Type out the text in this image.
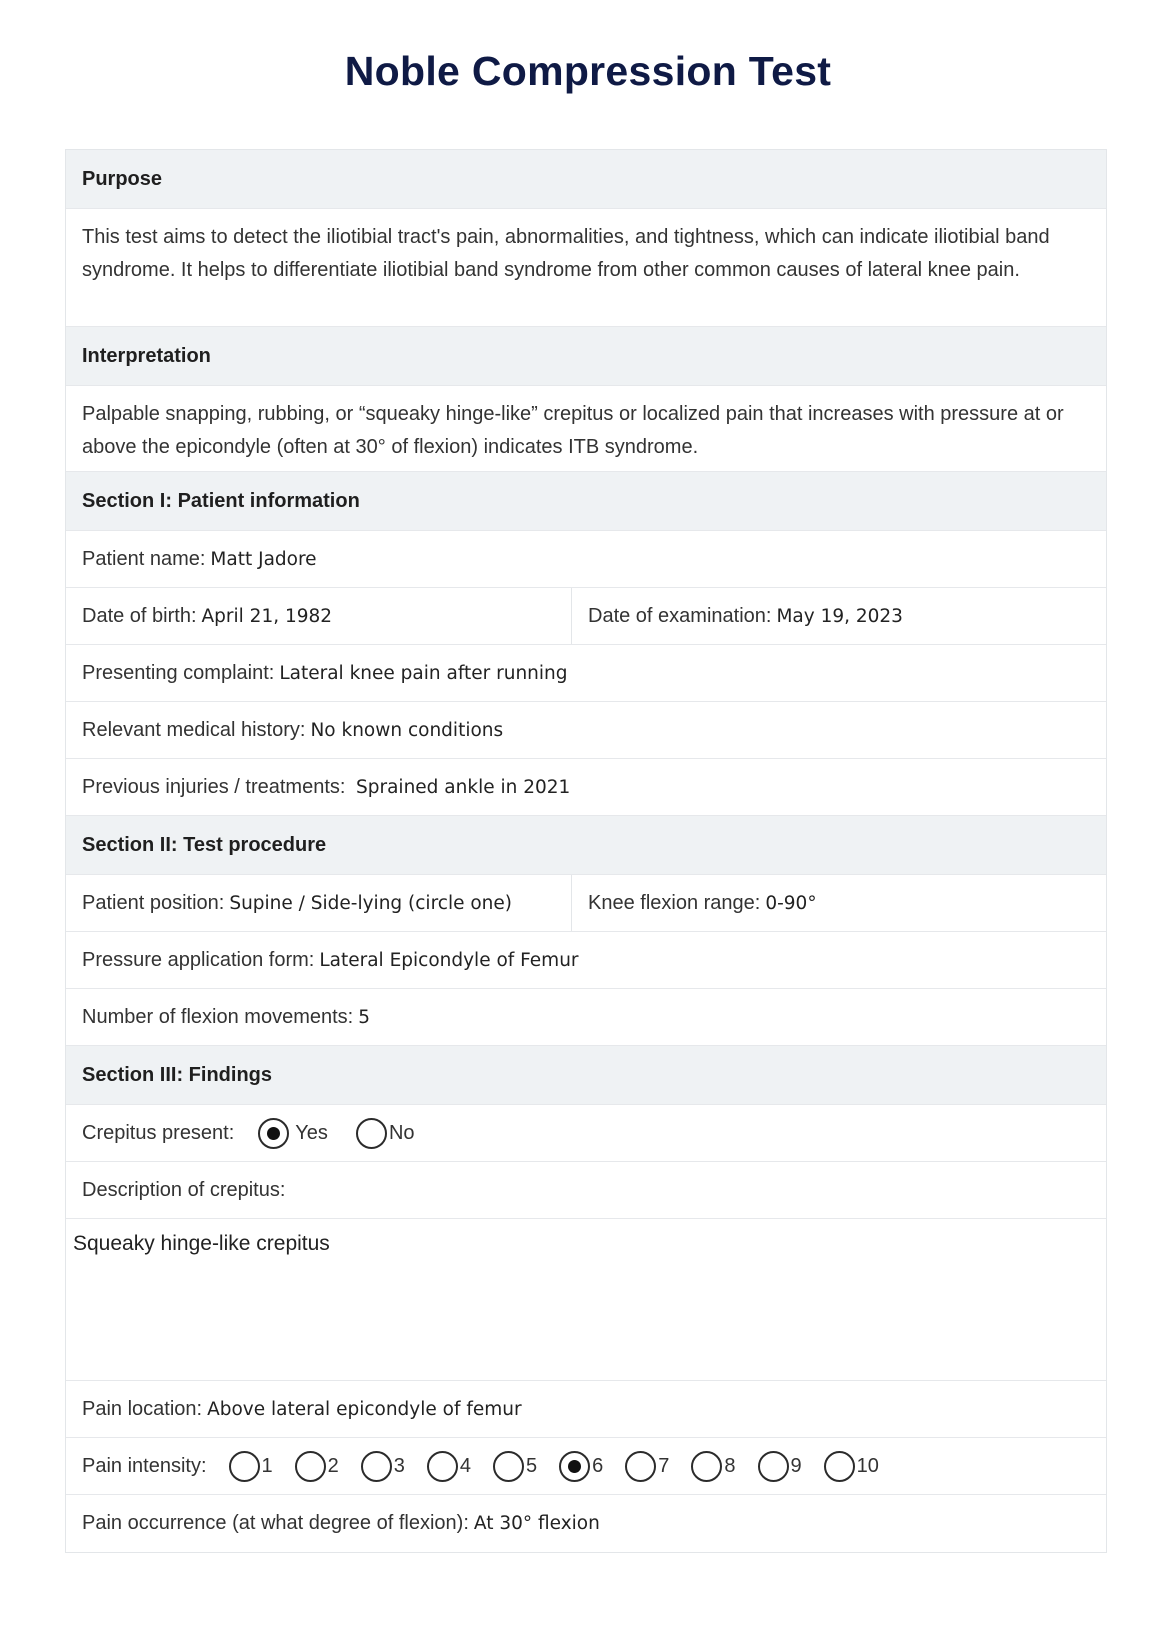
Noble Compression Test
Purpose
This test aims to detect the iliotibial tract's pain, abnormalities, and tightness, which can indicate iliotibial band syndrome. It helps to differentiate iliotibial band syndrome from other common causes of lateral knee pain.
Interpretation
Palpable snapping, rubbing, or “squeaky hinge-like” crepitus or localized pain that increases with pressure at or above the epicondyle (often at 30° of flexion) indicates ITB syndrome.
Section I: Patient information
Patient name: Matt Jadore
Date of birth: April 21, 1982	Date of examination: May 19, 2023
Presenting complaint: Lateral knee pain after running
Relevant medical history: No known conditions
Previous injuries / treatments: Sprained ankle in 2021
Section II: Test procedure
Patient position: Supine / Side-lying (circle one)	Knee flexion range: 0-90°
Pressure application form: Lateral Epicondyle of Femur
Number of flexion movements: 5
Section III: Findings
Crepitus present:	Yes	No
Description of crepitus:
Squeaky hinge-like crepitus
Pain location: Above lateral epicondyle of femur
Pain intensity:	1	2	3	4	5	6	7	8	9	10
Pain occurrence (at what degree of flexion): At 30° flexion
